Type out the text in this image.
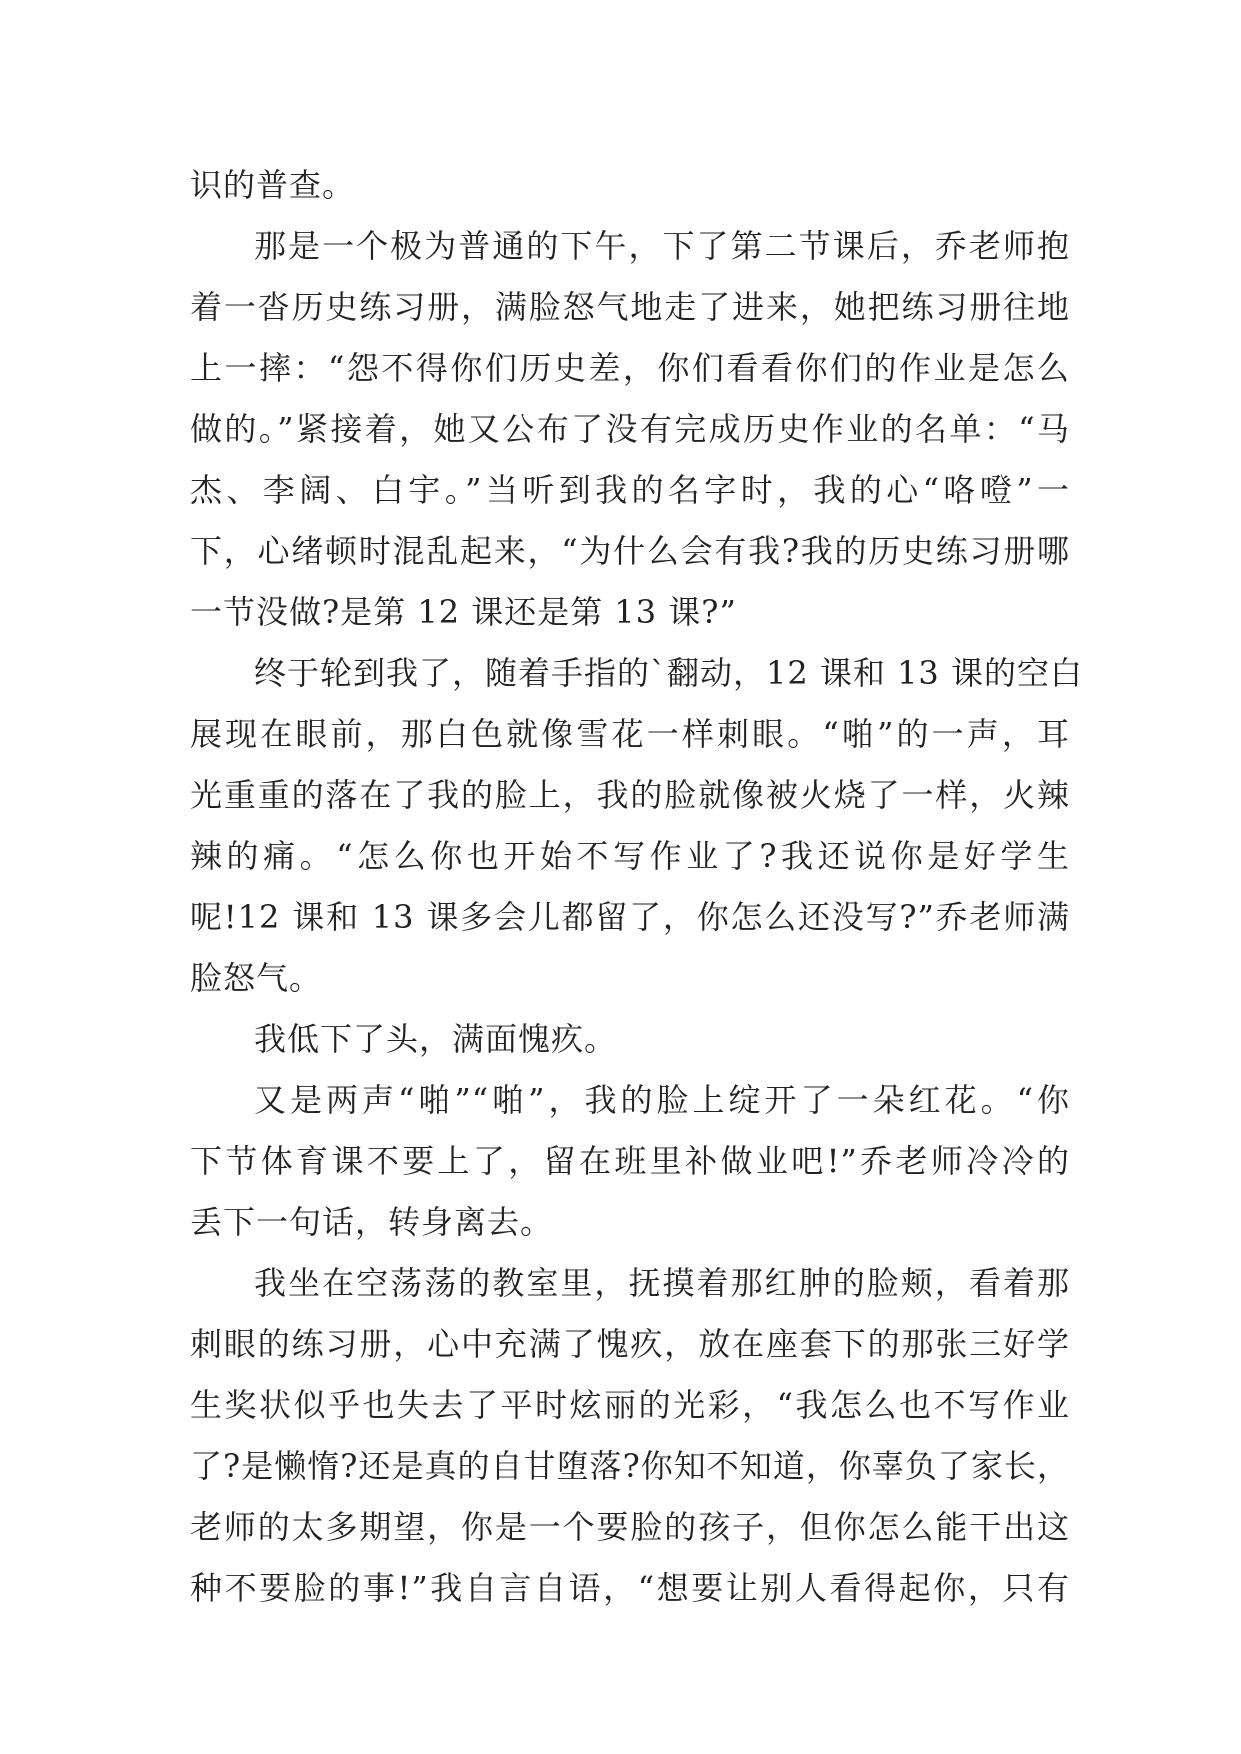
识的普查。
那是一个极为普通的下午，下了第二节课后，乔老师抱
着一沓历史练习册，满脸怒气地走了进来，她把练习册往地
上一摔：“怨不得你们历史差，你们看看你们的作业是怎么
做的。”紧接着，她又公布了没有完成历史作业的名单：“马
杰、李阔、白宇。”当听到我的名字时，我的心“咯噔”一
下，心绪顿时混乱起来，“为什么会有我?我的历史练习册哪
一节没做?是第 12 课还是第 13 课?”
终于轮到我了，随着手指的`翻动，12 课和 13 课的空白
展现在眼前，那白色就像雪花一样刺眼。“啪”的一声，耳
光重重的落在了我的脸上，我的脸就像被火烧了一样，火辣
辣的痛。“怎么你也开始不写作业了?我还说你是好学生
呢!12 课和 13 课多会儿都留了，你怎么还没写?”乔老师满
脸怒气。
我低下了头，满面愧疚。
又是两声“啪”“啪”，我的脸上绽开了一朵红花。“你
下节体育课不要上了，留在班里补做业吧!”乔老师冷冷的
丢下一句话，转身离去。
我坐在空荡荡的教室里，抚摸着那红肿的脸颊，看着那
刺眼的练习册，心中充满了愧疚，放在座套下的那张三好学
生奖状似乎也失去了平时炫丽的光彩，“我怎么也不写作业
了?是懒惰?还是真的自甘堕落?你知不知道，你辜负了家长，
老师的太多期望，你是一个要脸的孩子，但你怎么能干出这
种不要脸的事!”我自言自语，“想要让别人看得起你，只有
